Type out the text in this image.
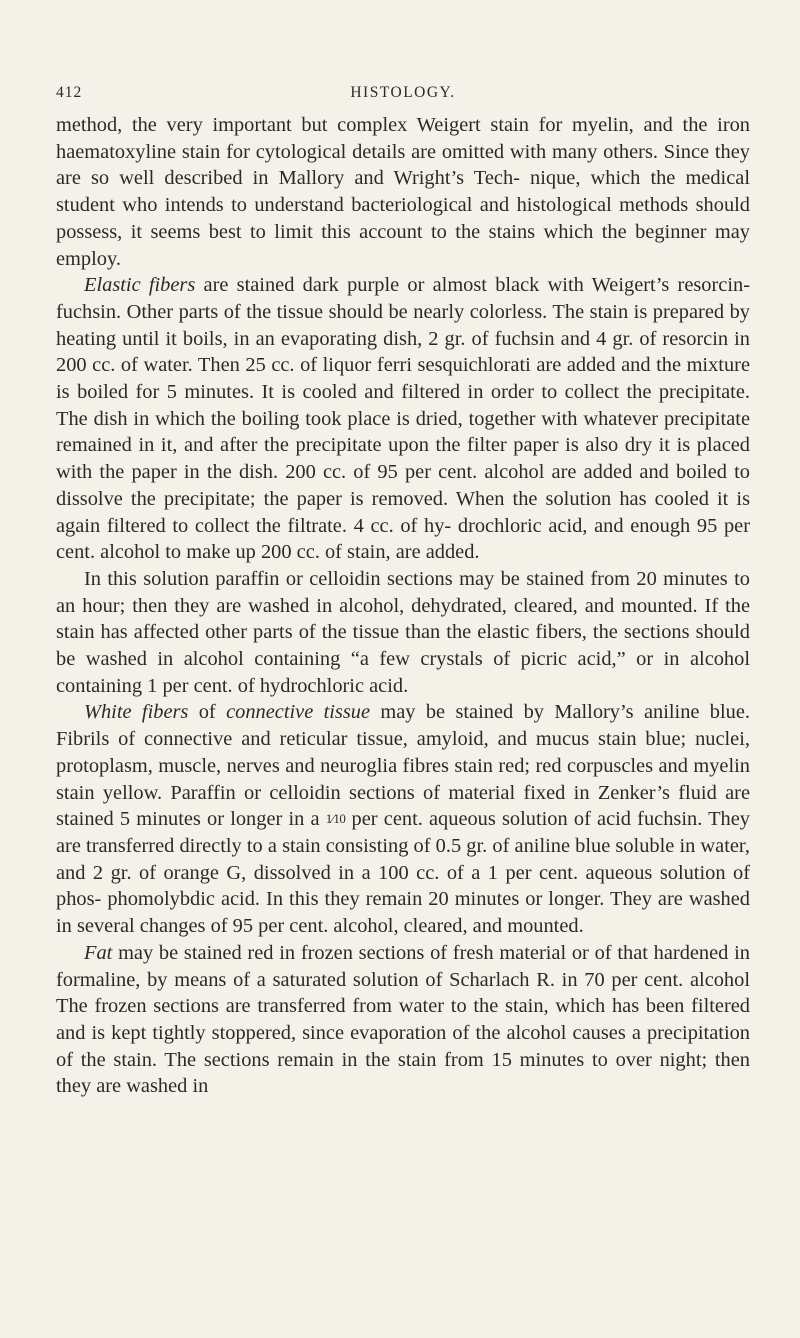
412	HISTOLOGY.

method, the very important but complex Weigert stain for myelin, and the iron haematoxyline stain for cytological details are omitted with many others. Since they are so well described in Mallory and Wright’s Tech- nique, which the medical student who intends to understand bacteriological and histological methods should possess, it seems best to limit this account to the stains which the beginner may employ.

Elastic fibers are stained dark purple or almost black with Weigert’s resorcin-fuchsin. Other parts of the tissue should be nearly colorless. The stain is prepared by heating until it boils, in an evaporating dish, 2 gr. of fuchsin and 4 gr. of resorcin in 200 cc. of water. Then 25 cc. of liquor ferri sesquichlorati are added and the mixture is boiled for 5 minutes. It is cooled and filtered in order to collect the precipitate. The dish in which the boiling took place is dried, together with whatever precipitate remained in it, and after the precipitate upon the filter paper is also dry it is placed with the paper in the dish. 200 cc. of 95 per cent. alcohol are added and boiled to dissolve the precipitate; the paper is removed. When the solution has cooled it is again filtered to collect the filtrate. 4 cc. of hy- drochloric acid, and enough 95 per cent. alcohol to make up 200 cc. of stain, are added.

In this solution paraffin or celloidin sections may be stained from 20 minutes to an hour; then they are washed in alcohol, dehydrated, cleared, and mounted. If the stain has affected other parts of the tissue than the elastic fibers, the sections should be washed in alcohol containing “a few crystals of picric acid,” or in alcohol containing 1 per cent. of hydrochloric acid.

White fibers of connective tissue may be stained by Mallory’s aniline blue. Fibrils of connective and reticular tissue, amyloid, and mucus stain blue; nuclei, protoplasm, muscle, nerves and neuroglia fibres stain red; red corpuscles and myelin stain yellow. Paraffin or celloidin sections of material fixed in Zenker’s fluid are stained 5 minutes or longer in a 1⁄10 per cent. aqueous solution of acid fuchsin. They are transferred directly to a stain consisting of 0.5 gr. of aniline blue soluble in water, and 2 gr. of orange G, dissolved in a 100 cc. of a 1 per cent. aqueous solution of phos- phomolybdic acid. In this they remain 20 minutes or longer. They are washed in several changes of 95 per cent. alcohol, cleared, and mounted.

Fat may be stained red in frozen sections of fresh material or of that hardened in formaline, by means of a saturated solution of Scharlach R. in 70 per cent. alcohol The frozen sections are transferred from water to the stain, which has been filtered and is kept tightly stoppered, since evaporation of the alcohol causes a precipitation of the stain. The sections remain in the stain from 15 minutes to over night; then they are washed in
